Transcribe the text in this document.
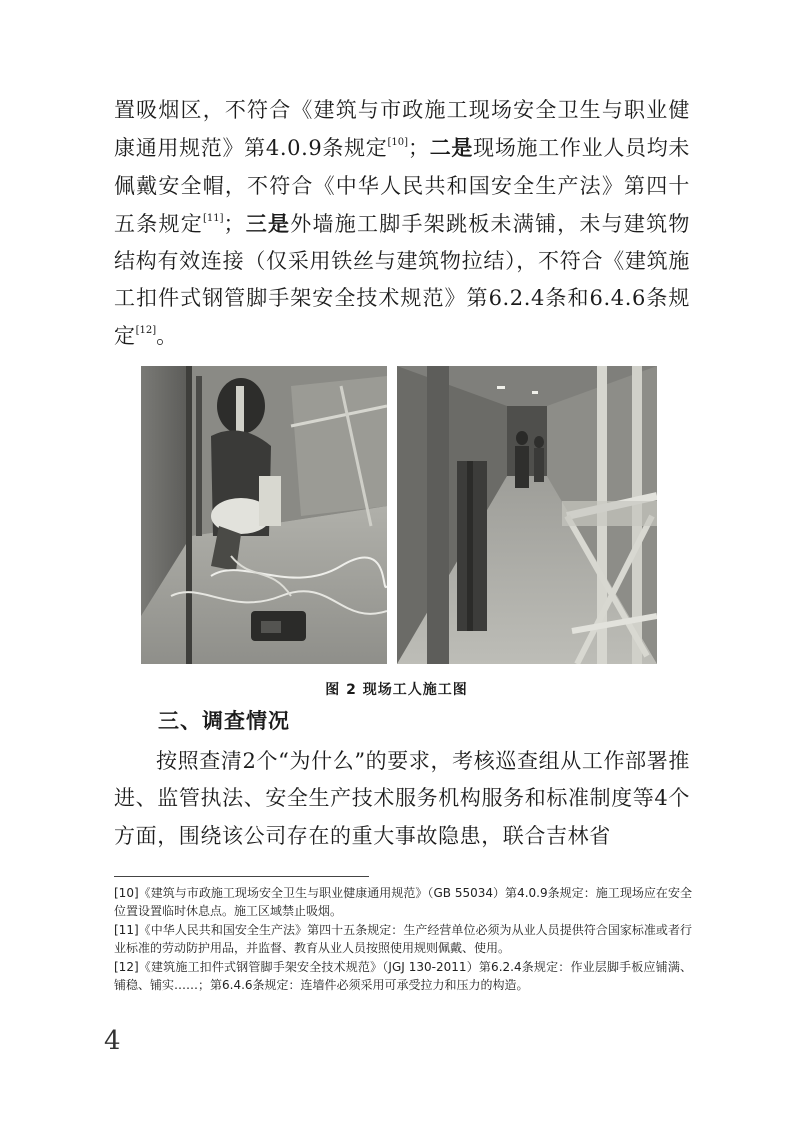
置吸烟区，不符合《建筑与市政施工现场安全卫生与职业健康通用规范》第4.0.9条规定[10]；二是现场施工作业人员均未佩戴安全帽，不符合《中华人民共和国安全生产法》第四十五条规定[11]；三是外墙施工脚手架跳板未满铺，未与建筑物结构有效连接（仅采用铁丝与建筑物拉结），不符合《建筑施工扣件式钢管脚手架安全技术规范》第6.2.4条和6.4.6条规定[12]。

图 2 现场工人施工图
三、调查情况

按照查清2个“为什么”的要求，考核巡查组从工作部署推进、监管执法、安全生产技术服务机构服务和标准制度等4个方面，围绕该公司存在的重大事故隐患，联合吉林省

[10]《建筑与市政施工现场安全卫生与职业健康通用规范》（GB 55034）第4.0.9条规定：施工现场应在安全位置设置临时休息点。施工区域禁止吸烟。

[11]《中华人民共和国安全生产法》第四十五条规定：生产经营单位必须为从业人员提供符合国家标准或者行业标准的劳动防护用品，并监督、教育从业人员按照使用规则佩戴、使用。

[12]《建筑施工扣件式钢管脚手架安全技术规范》（JGJ 130-2011）第6.2.4条规定：作业层脚手板应铺满、铺稳、铺实……；第6.4.6条规定：连墙件必须采用可承受拉力和压力的构造。

4
